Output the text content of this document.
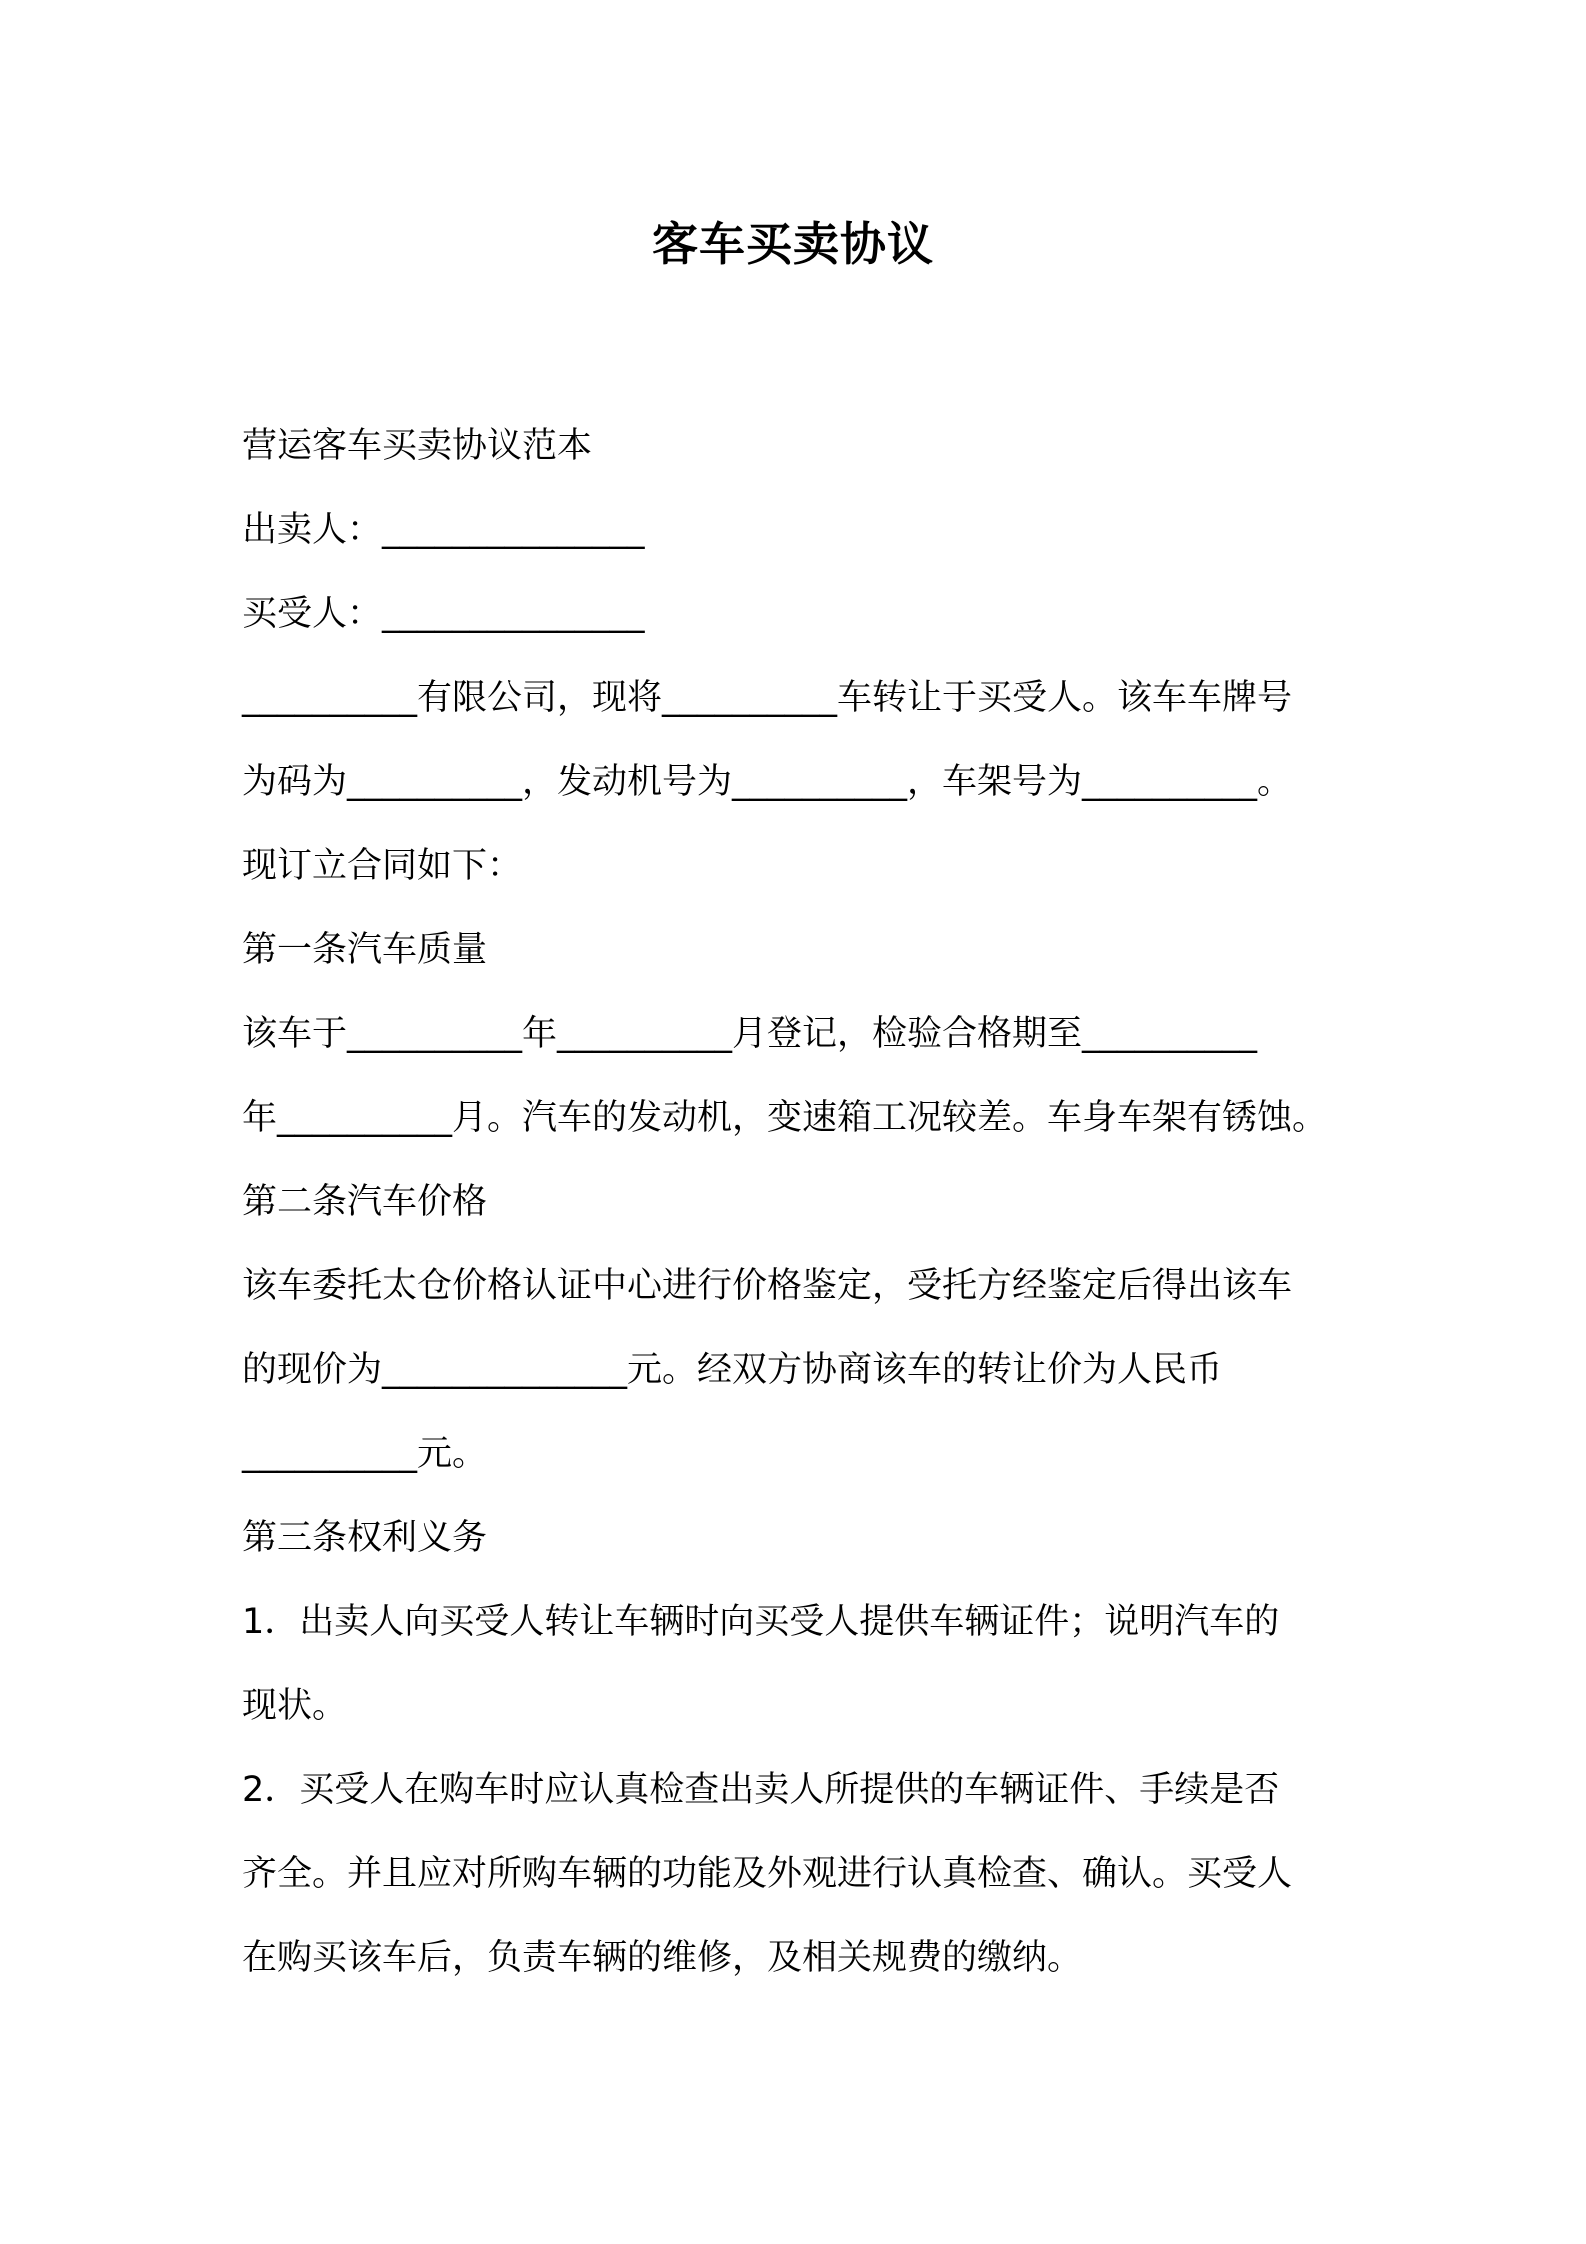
客车买卖协议
营运客车买卖协议范本
出卖人：_______________
买受人：_______________
__________有限公司，现将__________车转让于买受人。该车车牌号
为码为__________，发动机号为__________，车架号为__________。
现订立合同如下：
第一条汽车质量
该车于__________年__________月登记，检验合格期至__________
年__________月。汽车的发动机，变速箱工况较差。车身车架有锈蚀。
第二条汽车价格
该车委托太仓价格认证中心进行价格鉴定，受托方经鉴定后得出该车
的现价为______________元。经双方协商该车的转让价为人民币
__________元。
第三条权利义务
1．出卖人向买受人转让车辆时向买受人提供车辆证件；说明汽车的
现状。
2．买受人在购车时应认真检查出卖人所提供的车辆证件、手续是否
齐全。并且应对所购车辆的功能及外观进行认真检查、确认。买受人
在购买该车后，负责车辆的维修，及相关规费的缴纳。
